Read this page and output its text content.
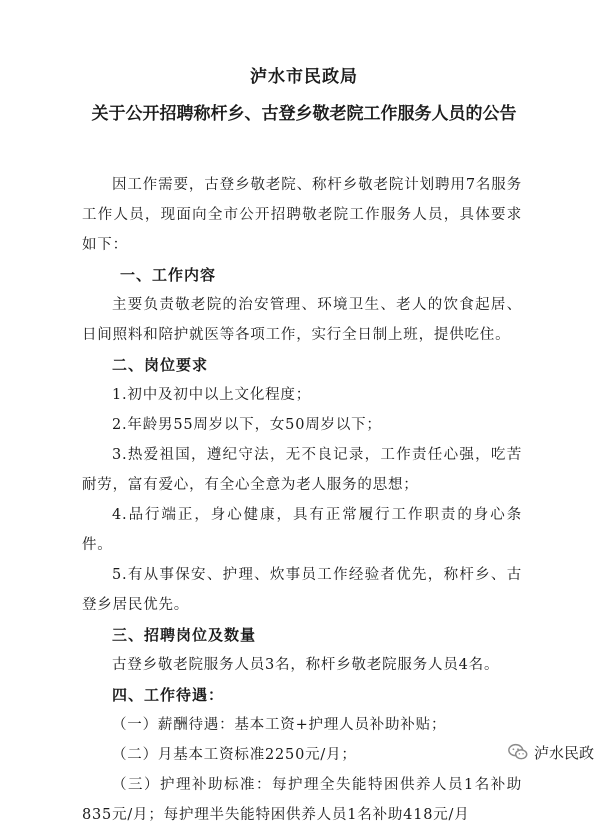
泸水市民政局
关于公开招聘称杆乡、古登乡敬老院工作服务人员的公告

因工作需要，古登乡敬老院、称杆乡敬老院计划聘用7名服务工作人员，现面向全市公开招聘敬老院工作服务人员，具体要求如下：

一、工作内容

主要负责敬老院的治安管理、环境卫生、老人的饮食起居、日间照料和陪护就医等各项工作，实行全日制上班，提供吃住。

二、岗位要求

1.初中及初中以上文化程度；

2.年龄男55周岁以下，女50周岁以下；

3.热爱祖国，遵纪守法，无不良记录，工作责任心强，吃苦耐劳，富有爱心，有全心全意为老人服务的思想；

4.品行端正，身心健康，具有正常履行工作职责的身心条件。

5.有从事保安、护理、炊事员工作经验者优先，称杆乡、古登乡居民优先。

三、招聘岗位及数量

古登乡敬老院服务人员3名，称杆乡敬老院服务人员4名。

四、工作待遇：

（一）薪酬待遇：基本工资+护理人员补助补贴；

（二）月基本工资标准2250元/月；

（三）护理补助标准：每护理全失能特困供养人员1名补助835元/月；每护理半失能特困供养人员1名补助418元/月

泸水民政
